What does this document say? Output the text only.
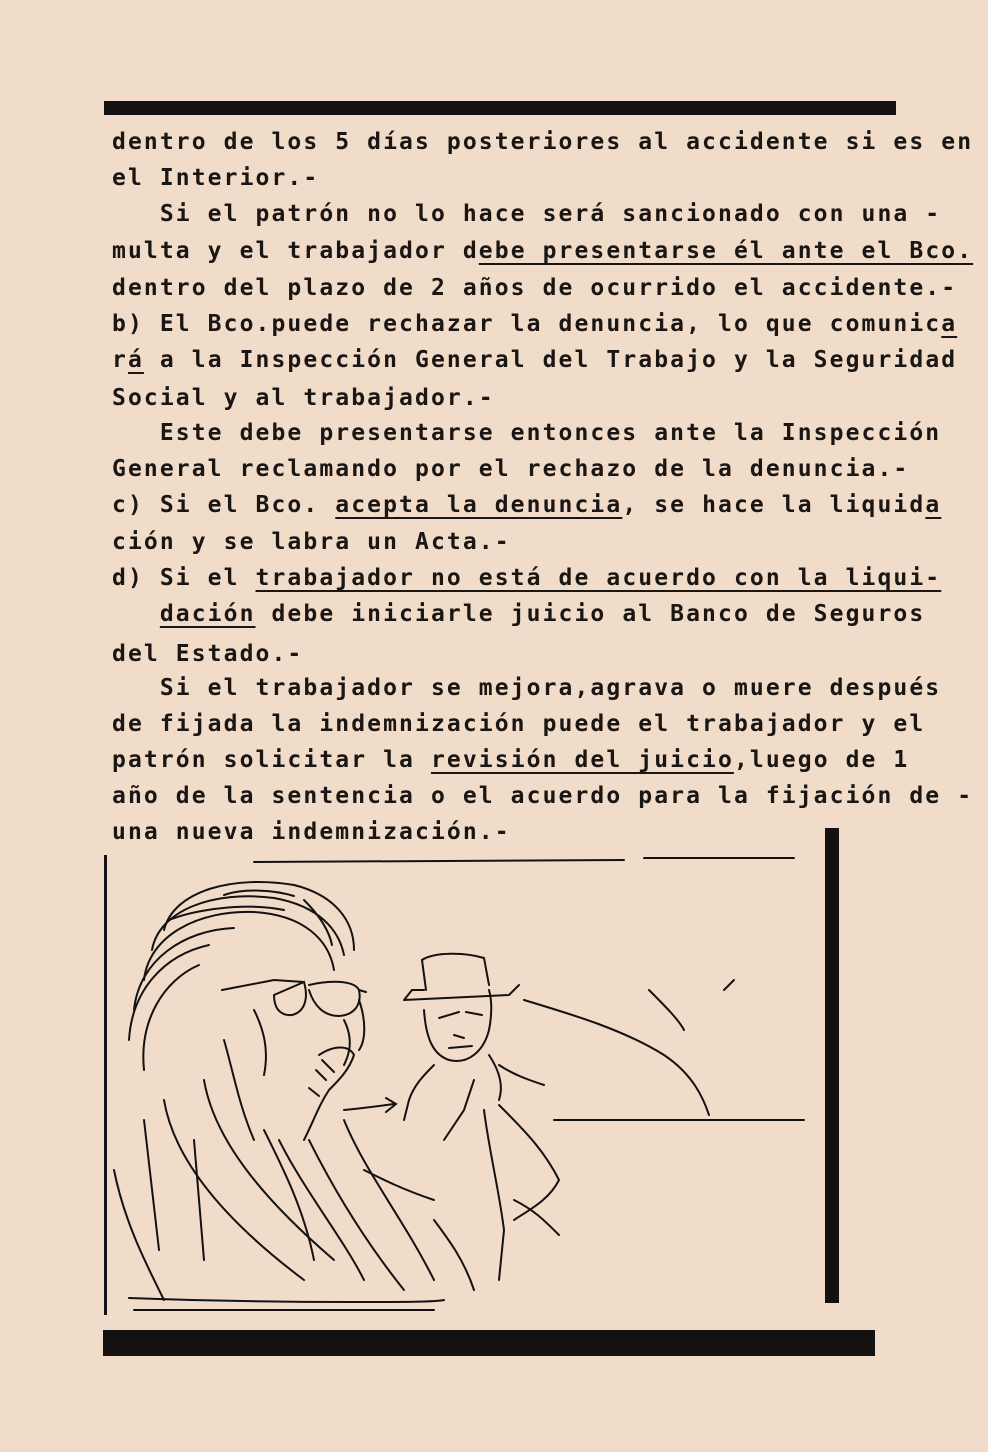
dentro de los 5 días posteriores al accidente si es en
el Interior.-
Si el patrón no lo hace será sancionado con una -
multa y el trabajador debe presentarse él ante el Bco.
dentro del plazo de 2 años de ocurrido el accidente.-
b) El Bco.puede rechazar la denuncia, lo que comunica
rá a la Inspección General del Trabajo y la Seguridad
Social y al trabajador.-
Este debe presentarse entonces ante la Inspección
General reclamando por el rechazo de la denuncia.-
c) Si el Bco. acepta la denuncia, se hace la liquida
ción y se labra un Acta.-
d) Si el trabajador no está de acuerdo con la liqui-
dación debe iniciarle juicio al Banco de Seguros
del Estado.-
Si el trabajador se mejora,agrava o muere después
de fijada la indemnización puede el trabajador y el
patrón solicitar la revisión del juicio,luego de 1
año de la sentencia o el acuerdo para la fijación de -
una nueva indemnización.-
